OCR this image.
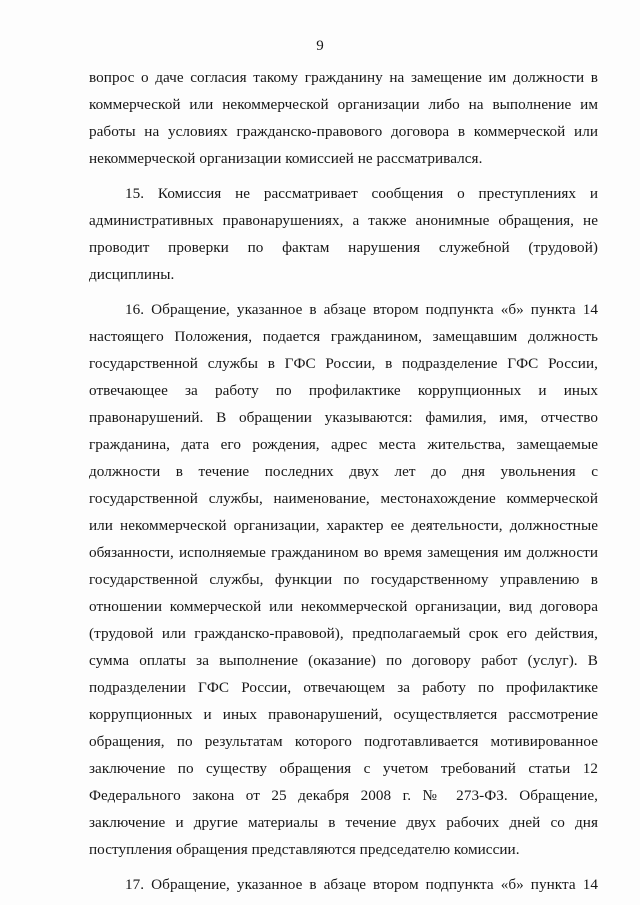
9
вопрос о даче согласия такому гражданину на замещение им должности в
коммерческой или некоммерческой организации либо на выполнение им
работы на условиях гражданско-правового договора в коммерческой или
некоммерческой организации комиссией не рассматривался.
15. Комиссия не рассматривает сообщения о преступлениях и
административных правонарушениях, а также анонимные обращения, не
проводит проверки по фактам нарушения служебной (трудовой)
дисциплины.
16. Обращение, указанное в абзаце втором подпункта «б» пункта 14
настоящего Положения, подается гражданином, замещавшим должность
государственной службы в ГФС России, в подразделение ГФС России,
отвечающее за работу по профилактике коррупционных и иных
правонарушений. В обращении указываются: фамилия, имя, отчество
гражданина, дата его рождения, адрес места жительства, замещаемые
должности в течение последних двух лет до дня увольнения с
государственной службы, наименование, местонахождение коммерческой
или некоммерческой организации, характер ее деятельности, должностные
обязанности, исполняемые гражданином во время замещения им должности
государственной службы, функции по государственному управлению в
отношении коммерческой или некоммерческой организации, вид договора
(трудовой или гражданско-правовой), предполагаемый срок его действия,
сумма оплаты за выполнение (оказание) по договору работ (услуг). В
подразделении ГФС России, отвечающем за работу по профилактике
коррупционных и иных правонарушений, осуществляется рассмотрение
обращения, по результатам которого подготавливается мотивированное
заключение по существу обращения с учетом требований статьи 12
Федерального закона от 25 декабря 2008 г. № 273-ФЗ. Обращение,
заключение и другие материалы в течение двух рабочих дней со дня
поступления обращения представляются председателю комиссии.
17. Обращение, указанное в абзаце втором подпункта «б» пункта 14
